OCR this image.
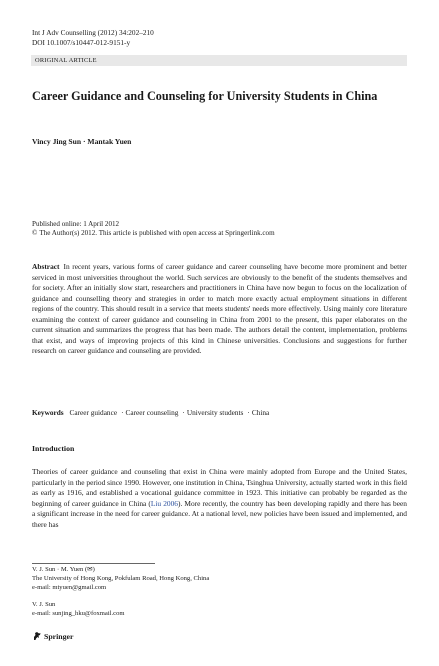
Int J Adv Counselling (2012) 34:202–210
DOI 10.1007/s10447-012-9151-y
ORIGINAL ARTICLE
Career Guidance and Counseling for University Students in China
Vincy Jing Sun · Mantak Yuen
Published online: 1 April 2012
© The Author(s) 2012. This article is published with open access at Springerlink.com
Abstract In recent years, various forms of career guidance and career counseling have become more prominent and better serviced in most universities throughout the world. Such services are obviously to the benefit of the students themselves and for society. After an initially slow start, researchers and practitioners in China have now begun to focus on the localization of guidance and counselling theory and strategies in order to match more exactly actual employment situations in different regions of the country. This should result in a service that meets students' needs more effectively. Using mainly core literature examining the context of career guidance and counseling in China from 2001 to the present, this paper elaborates on the current situation and summarizes the progress that has been made. The authors detail the content, implementation, problems that exist, and ways of improving projects of this kind in Chinese universities. Conclusions and suggestions for further research on career guidance and counseling are provided.
Keywords Career guidance · Career counseling · University students · China
Introduction
Theories of career guidance and counseling that exist in China were mainly adopted from Europe and the United States, particularly in the period since 1990. However, one institution in China, Tsinghua University, actually started work in this field as early as 1916, and established a vocational guidance committee in 1923. This initiative can probably be regarded as the beginning of career guidance in China (Liu 2006). More recently, the country has been developing rapidly and there has been a significant increase in the need for career guidance. At a national level, new policies have been issued and implemented, and there has
V. J. Sun · M. Yuen (✉)
The University of Hong Kong, Pokfulam Road, Hong Kong, China
e-mail: mtyuen@gmail.com
V. J. Sun
e-mail: sunjing_hku@foxmail.com
Springer
